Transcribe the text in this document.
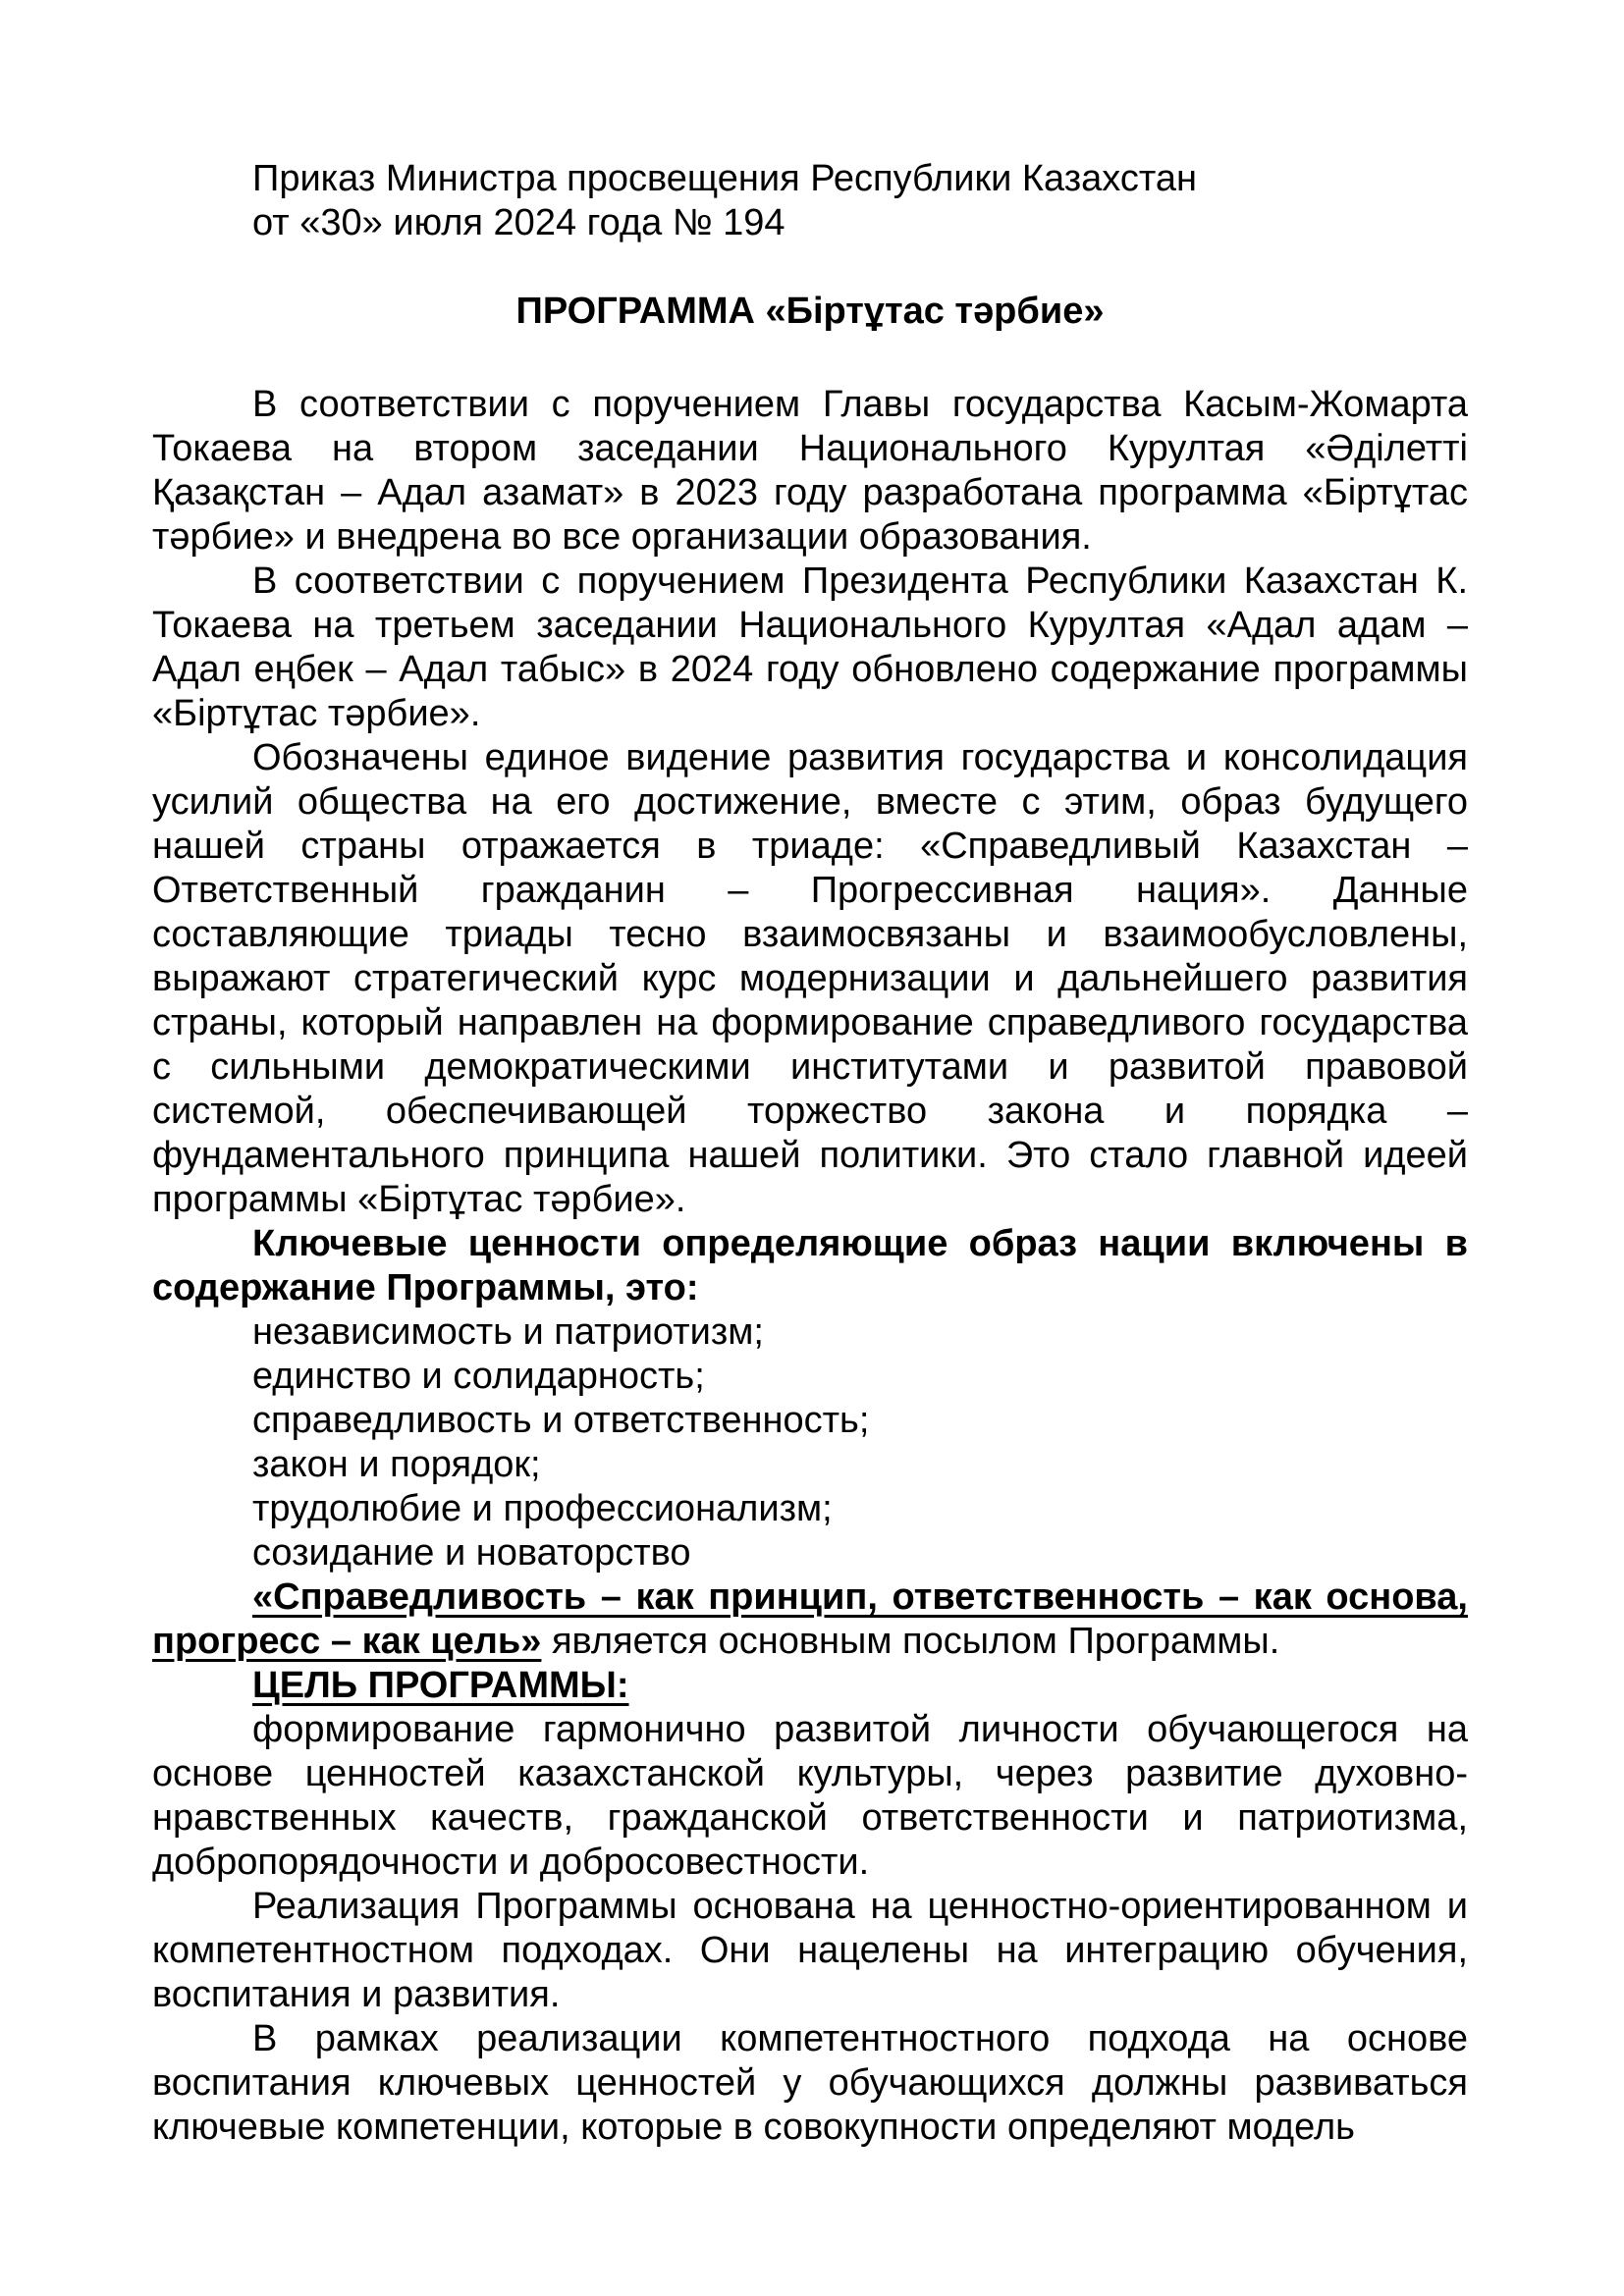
Приказ Министра просвещения Республики Казахстан
от «30» июля 2024 года № 194
ПРОГРАММА «Біртұтас тәрбие»

В соответствии с поручением Главы государства Касым-Жомарта Токаева на втором заседании Национального Курултая «Әділетті Қазақстан – Адал азамат» в 2023 году разработана программа «Біртұтас тәрбие» и внедрена во все организации образования.

В соответствии с поручением Президента Республики Казахстан К. Токаева на третьем заседании Национального Курултая «Адал адам – Адал еңбек – Адал табыс» в 2024 году обновлено содержание программы «Біртұтас тәрбие».

Обозначены единое видение развития государства и консолидация усилий общества на его достижение, вместе с этим, образ будущего нашей страны отражается в триаде: «Справедливый Казахстан – Ответственный гражданин – Прогрессивная нация». Данные составляющие триады тесно взаимосвязаны и взаимообусловлены, выражают стратегический курс модернизации и дальнейшего развития страны, который направлен на формирование справедливого государства с сильными демократическими институтами и развитой правовой системой, обеспечивающей торжество закона и порядка – фундаментального принципа нашей политики. Это стало главной идеей программы «Біртұтас тәрбие».

Ключевые ценности определяющие образ нации включены в содержание Программы, это:

независимость и патриотизм;
единство и солидарность;
справедливость и ответственность;
закон и порядок;
трудолюбие и профессионализм;
созидание и новаторство

«Справедливость – как принцип, ответственность – как основа, прогресс – как цель» является основным посылом Программы.

ЦЕЛЬ ПРОГРАММЫ:

формирование гармонично развитой личности обучающегося на основе ценностей казахстанской культуры, через развитие духовно-нравственных качеств, гражданской ответственности и патриотизма, добропорядочности и добросовестности.

Реализация Программы основана на ценностно-ориентированном и компетентностном подходах. Они нацелены на интеграцию обучения, воспитания и развития.

В рамках реализации компетентностного подхода на основе воспитания ключевых ценностей у обучающихся должны развиваться ключевые компетенции, которые в совокупности определяют модель
